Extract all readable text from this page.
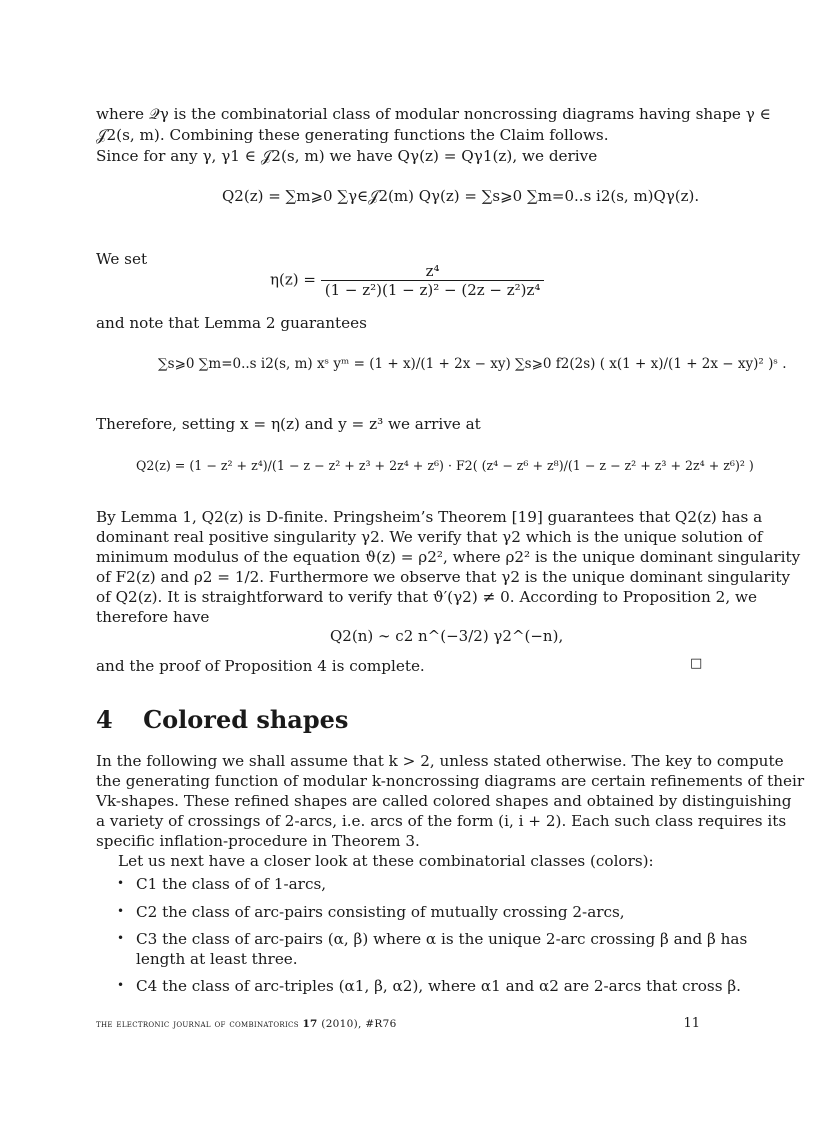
where 𝒬γ is the combinatorial class of modular noncrossing diagrams having shape γ ∈
𝒥2(s, m). Combining these generating functions the Claim follows.
Since for any γ, γ1 ∈ 𝒥2(s, m) we have Qγ(z) = Qγ1(z), we derive
Q2(z) = ∑m⩾0 ∑γ∈𝒥2(m) Qγ(z) = ∑s⩾0 ∑m=0..s i2(s, m)Qγ(z).
We set
$\eta(z) = \frac{\text{z⁴}}{\text{(1 − z²)(1 − z)² − (2z − z²)z⁴}}$
and note that Lemma 2 guarantees
∑s⩾0 ∑m=0..s i2(s, m) xˢ yᵐ = (1 + x)/(1 + 2x − xy) ∑s⩾0 f2(2s) ( x(1 + x)/(1 + 2x − xy)² )ˢ .
Therefore, setting x = η(z) and y = z³ we arrive at
Q2(z) = (1 − z² + z⁴)/(1 − z − z² + z³ + 2z⁴ + z⁶) · F2( (z⁴ − z⁶ + z⁸)/(1 − z − z² + z³ + 2z⁴ + z⁶)² )
By Lemma 1, Q2(z) is D-finite. Pringsheim’s Theorem [19] guarantees that Q2(z) has a
dominant real positive singularity γ2. We verify that γ2 which is the unique solution of
minimum modulus of the equation ϑ(z) = ρ2², where ρ2² is the unique dominant singularity
of F2(z) and ρ2 = 1/2. Furthermore we observe that γ2 is the unique dominant singularity
of Q2(z). It is straightforward to verify that ϑ′(γ2) ≠ 0. According to Proposition 2, we
therefore have
Q2(n) ∼ c2 n^(−3/2) γ2^(−n),
and the proof of Proposition 4 is complete.	□
4 Colored shapes
In the following we shall assume that k > 2, unless stated otherwise. The key to compute
the generating function of modular k-noncrossing diagrams are certain refinements of their
Vk-shapes. These refined shapes are called colored shapes and obtained by distinguishing
a variety of crossings of 2-arcs, i.e. arcs of the form (i, i + 2). Each such class requires its
specific inflation-procedure in Theorem 3.
Let us next have a closer look at these combinatorial classes (colors):
• C1 the class of of 1-arcs,
• C2 the class of arc-pairs consisting of mutually crossing 2-arcs,
• C3 the class of arc-pairs (α, β) where α is the unique 2-arc crossing β and β has
length at least three.
• C4 the class of arc-triples (α1, β, α2), where α1 and α2 are 2-arcs that cross β.
the electronic journal of combinatorics 17 (2010), #R76	11
